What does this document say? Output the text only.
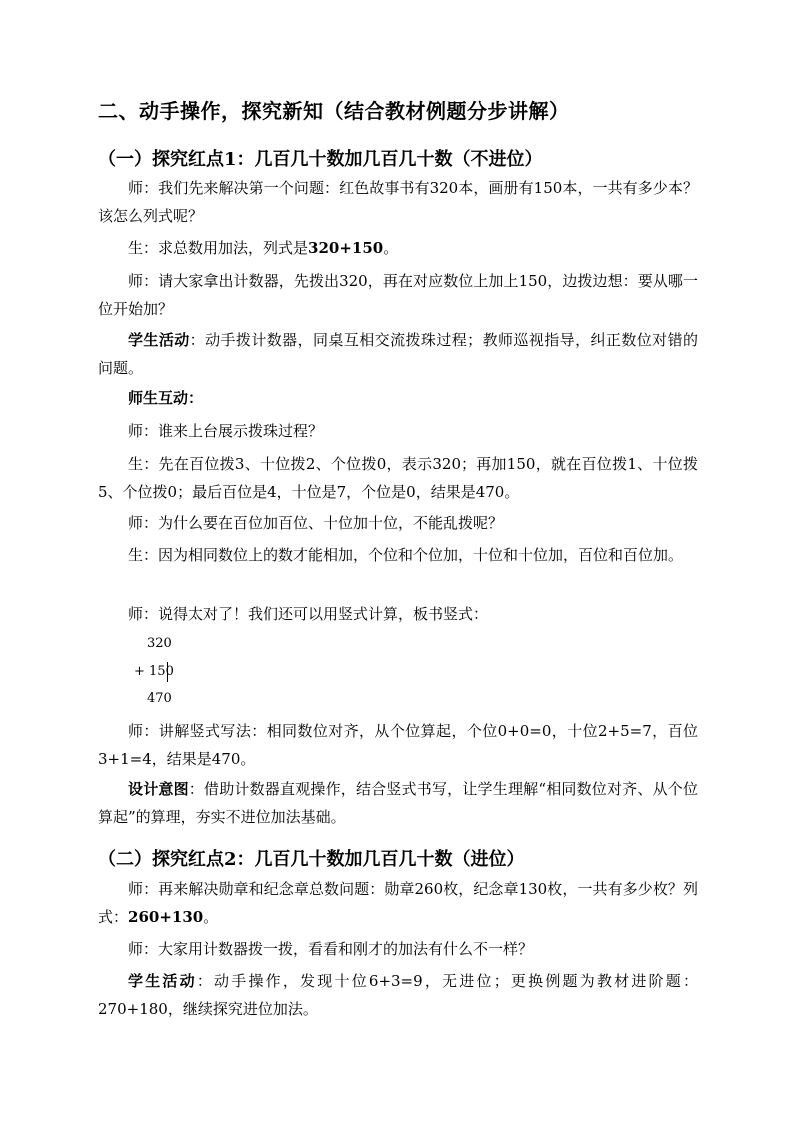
二、动手操作，探究新知（结合教材例题分步讲解）
（一）探究红点1：几百几十数加几百几十数（不进位）
师：我们先来解决第一个问题：红色故事书有320本，画册有150本，一共有多少本？该怎么列式呢？
生：求总数用加法，列式是320+150。
师：请大家拿出计数器，先拨出320，再在对应数位上加上150，边拨边想：要从哪一位开始加？
学生活动：动手拨计数器，同桌互相交流拨珠过程；教师巡视指导，纠正数位对错的问题。
师生互动：
师：谁来上台展示拨珠过程？
生：先在百位拨3、十位拨2、个位拨0，表示320；再加150，就在百位拨1、十位拨5、个位拨0；最后百位是4，十位是7，个位是0，结果是470。
师：为什么要在百位加百位、十位加十位，不能乱拨呢？
生：因为相同数位上的数才能相加，个位和个位加，十位和十位加，百位和百位加。
师：说得太对了！我们还可以用竖式计算，板书竖式：
320
+ 150
470
师：讲解竖式写法：相同数位对齐，从个位算起，个位0+0=0，十位2+5=7，百位3+1=4，结果是470。
设计意图：借助计数器直观操作，结合竖式书写，让学生理解“相同数位对齐、从个位算起”的算理，夯实不进位加法基础。
（二）探究红点2：几百几十数加几百几十数（进位）
师：再来解决勋章和纪念章总数问题：勋章260枚，纪念章130枚，一共有多少枚？列式：260+130。
师：大家用计数器拨一拨，看看和刚才的加法有什么不一样？
学生活动：动手操作，发现十位6+3=9，无进位；更换例题为教材进阶题：270+180，继续探究进位加法。
